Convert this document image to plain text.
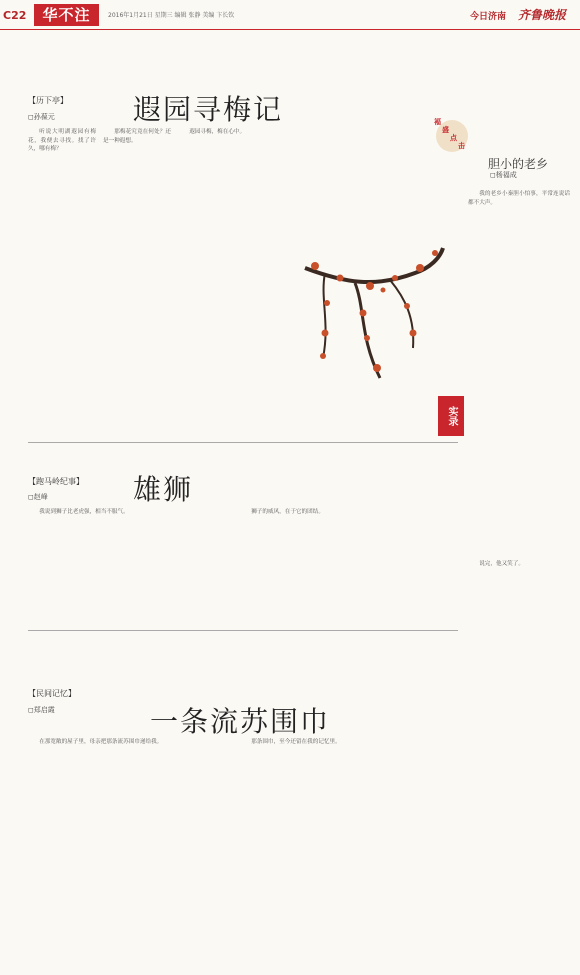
C22	华不注	2016年1月21日 星期三 编辑 张静 美编 卞长钦	今日济南 齐鲁晚报
【历下亭】
◻孙葆元	遐园寻梅记

听说大明湖遐园有梅花，我便去寻找。找了许久，哪有梅？

那梅花究竟在何处？还是一种遐想。

遐园寻梅，梅在心中。

实录
褔
盛
点
击
胆小的老乡
◻杨福成

我的老乡小秦胆小怕事，平常连说话都不大声。

说完，他又笑了。

【跑马岭纪事】
◻赵峰	雄狮

我说到狮子比老虎强，相当不服气。	狮子的威风，在于它的团结。

【民间记忆】
◻郑启霞	一条流苏围巾

在那宽敞的屋子里，母亲把那条流苏围巾递给我。	那条围巾，至今还留在我的记忆里。
